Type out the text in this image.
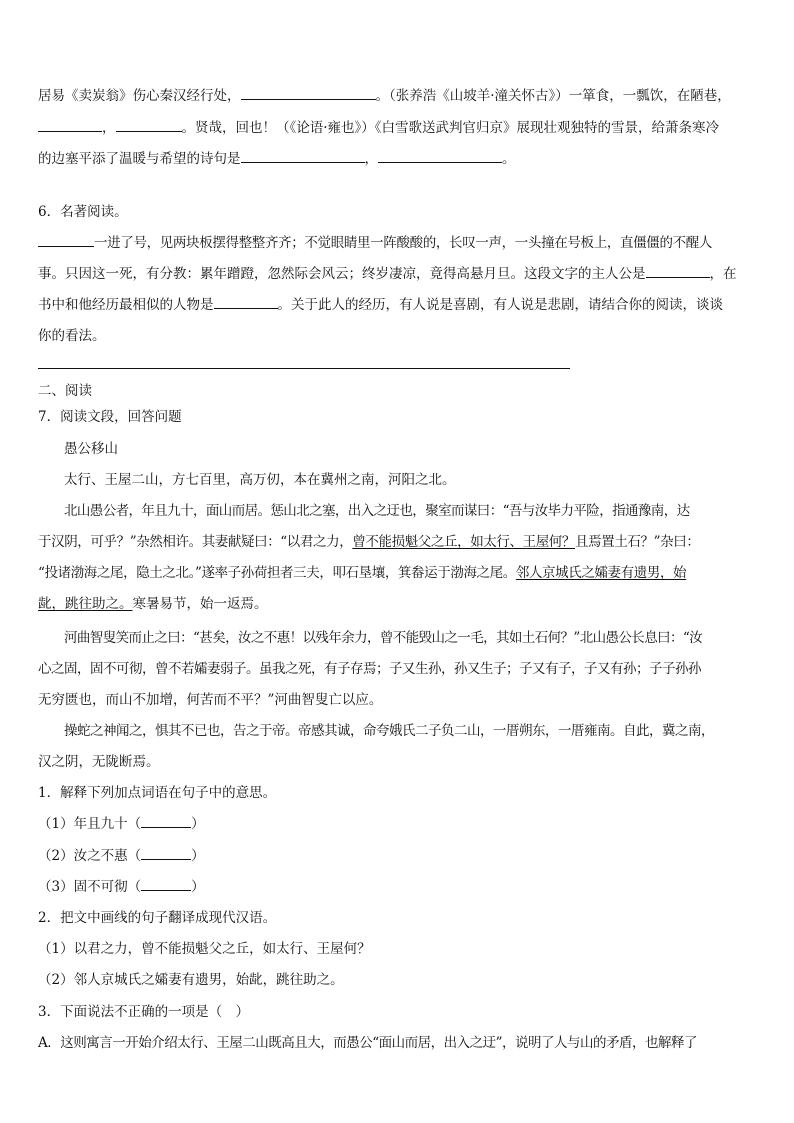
居易《卖炭翁》伤心秦汉经行处，	。（张养浩《山坡羊·潼关怀古》）一箪食，一瓢饮，在陋巷，
，	。贤哉，回也！（《论语·雍也》）《白雪歌送武判官归京》展现壮观独特的雪景，给萧条寒冷
的边塞平添了温暖与希望的诗句是	，	。
6．名著阅读。
一进了号，见两块板摆得整整齐齐；不觉眼睛里一阵酸酸的，长叹一声，一头撞在号板上，直僵僵的不醒人
事。只因这一死，有分教：累年蹭蹬，忽然际会风云；终岁凄凉，竟得高悬月旦。这段文字的主人公是	，在
书中和他经历最相似的人物是	。关于此人的经历，有人说是喜剧，有人说是悲剧，请结合你的阅读，谈谈
你的看法。
二、阅读
7．阅读文段，回答问题
愚公移山
太行、王屋二山，方七百里，高万仞，本在冀州之南，河阳之北。
北山愚公者，年且九十，面山而居。惩山北之塞，出入之迂也，聚室而谋曰：“吾与汝毕力平险，指通豫南，达
于汉阴，可乎？”杂然相许。其妻献疑曰：“以君之力，曾不能损魁父之丘，如太行、王屋何？且焉置土石？”杂曰：
“投诸渤海之尾，隐土之北。”遂率子孙荷担者三夫，叩石垦壤，箕畚运于渤海之尾。邻人京城氏之孀妻有遗男，始
龀，跳往助之。寒暑易节，始一返焉。
河曲智叟笑而止之曰：“甚矣，汝之不惠！以残年余力，曾不能毁山之一毛，其如土石何？”北山愚公长息曰：“汝
心之固，固不可彻，曾不若孀妻弱子。虽我之死，有子存焉；子又生孙，孙又生子；子又有子，子又有孙；子子孙孙
无穷匮也，而山不加增，何苦而不平？”河曲智叟亡以应。
操蛇之神闻之，惧其不已也，告之于帝。帝感其诚，命夸娥氏二子负二山，一厝朔东，一厝雍南。自此，冀之南，
汉之阴，无陇断焉。
1．解释下列加点词语在句子中的意思。
（1）年且九十（	）
（2）汝之不惠（	）
（3）固不可彻（	）
2．把文中画线的句子翻译成现代汉语。
（1）以君之力，曾不能损魁父之丘，如太行、王屋何？
（2）邻人京城氏之孀妻有遗男，始龀，跳往助之。
3．下面说法不正确的一项是（　）
A．这则寓言一开始介绍太行、王屋二山既高且大，而愚公“面山而居，出入之迂”，说明了人与山的矛盾，也解释了
